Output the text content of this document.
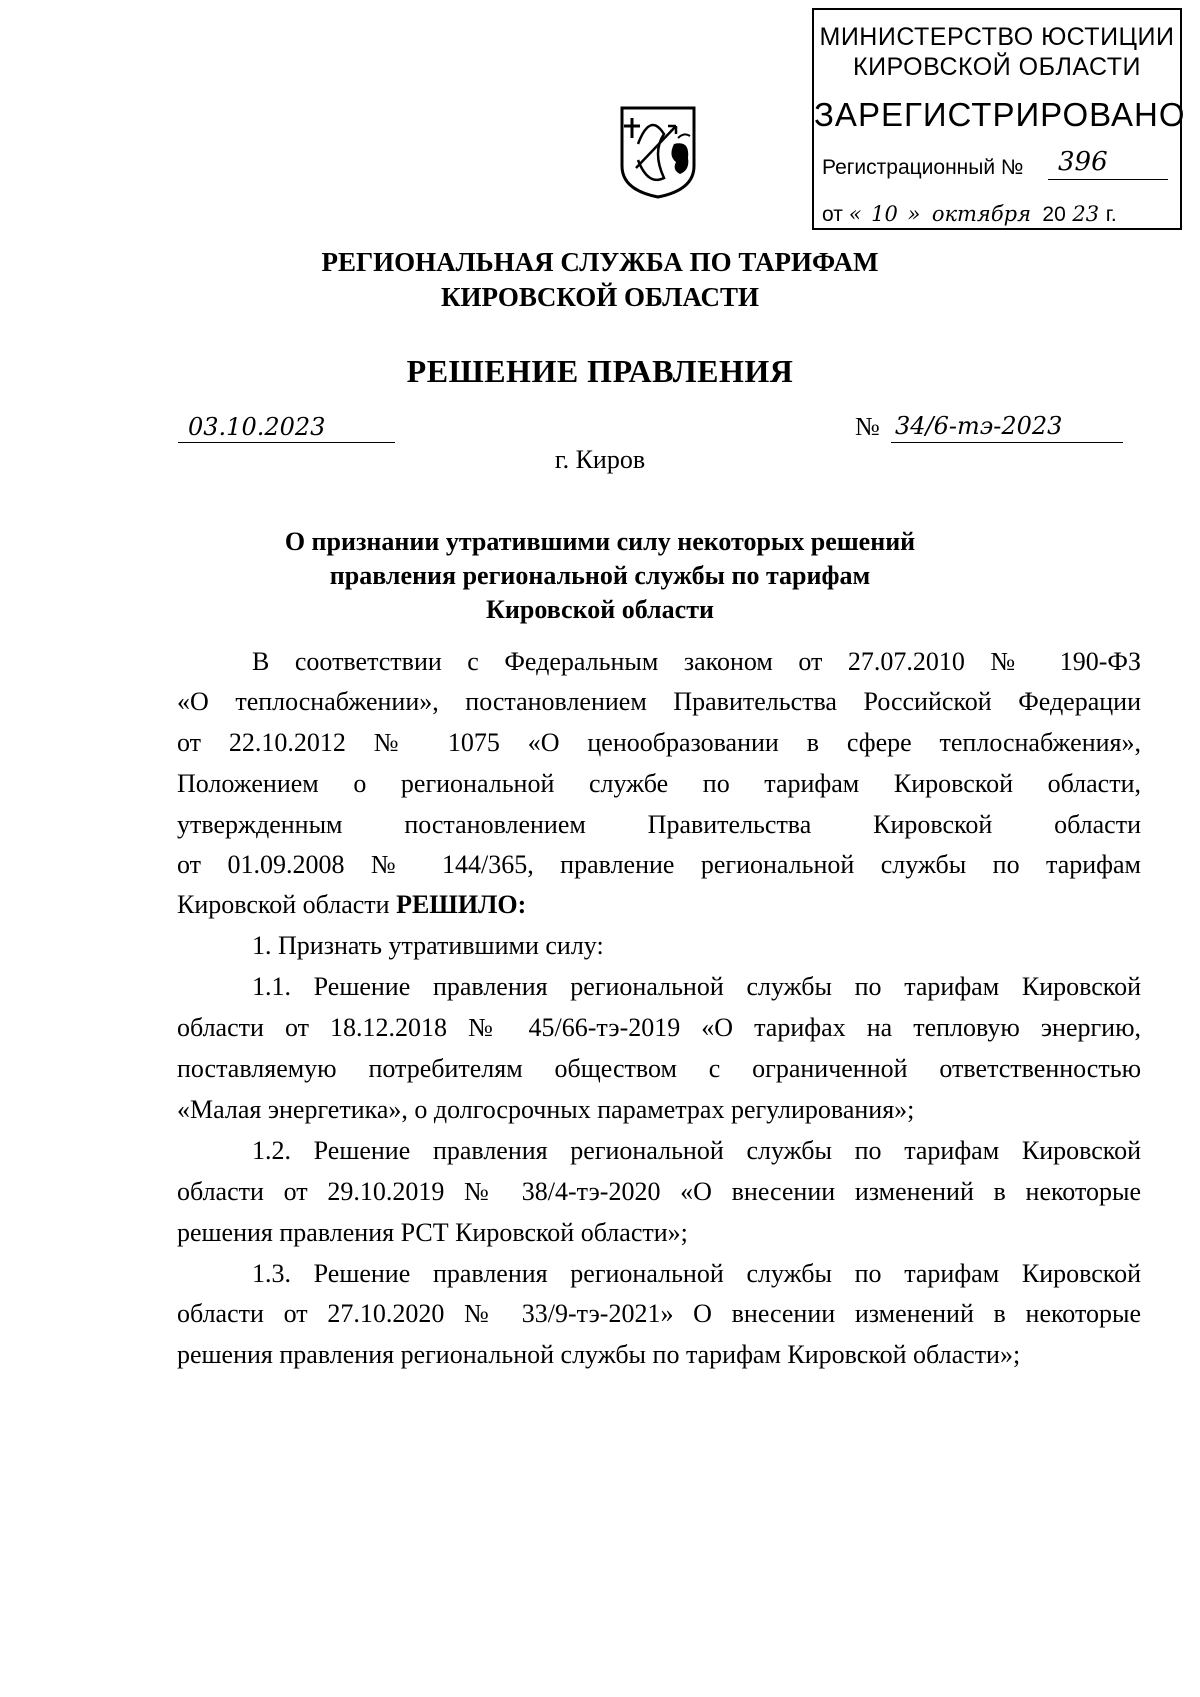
МИНИСТЕРСТВО ЮСТИЦИИ
КИРОВСКОЙ ОБЛАСТИ
ЗАРЕГИСТРИРОВАНО
Регистрационный №	396
от « 10 » октября 20 23 г.
РЕГИОНАЛЬНАЯ СЛУЖБА ПО ТАРИФАМ
КИРОВСКОЙ ОБЛАСТИ
РЕШЕНИЕ ПРАВЛЕНИЯ
03.10.2023	№ 34/6-тэ-2023
г. Киров
О признании утратившими силу некоторых решений
правления региональной службы по тарифам
Кировской области
В соответствии с Федеральным законом от 27.07.2010 № 190-ФЗ
«О теплоснабжении», постановлением Правительства Российской Федерации
от 22.10.2012 № 1075 «О ценообразовании в сфере теплоснабжения»,
Положением о региональной службе по тарифам Кировской области,
утвержденным постановлением Правительства Кировской области
от 01.09.2008 № 144/365, правление региональной службы по тарифам
Кировской области РЕШИЛО:
1. Признать утратившими силу:
1.1. Решение правления региональной службы по тарифам Кировской
области от 18.12.2018 № 45/66-тэ-2019 «О тарифах на тепловую энергию,
поставляемую потребителям обществом с ограниченной ответственностью
«Малая энергетика», о долгосрочных параметрах регулирования»;
1.2. Решение правления региональной службы по тарифам Кировской
области от 29.10.2019 № 38/4-тэ-2020 «О внесении изменений в некоторые
решения правления РСТ Кировской области»;
1.3. Решение правления региональной службы по тарифам Кировской
области от 27.10.2020 № 33/9-тэ-2021» О внесении изменений в некоторые
решения правления региональной службы по тарифам Кировской области»;
